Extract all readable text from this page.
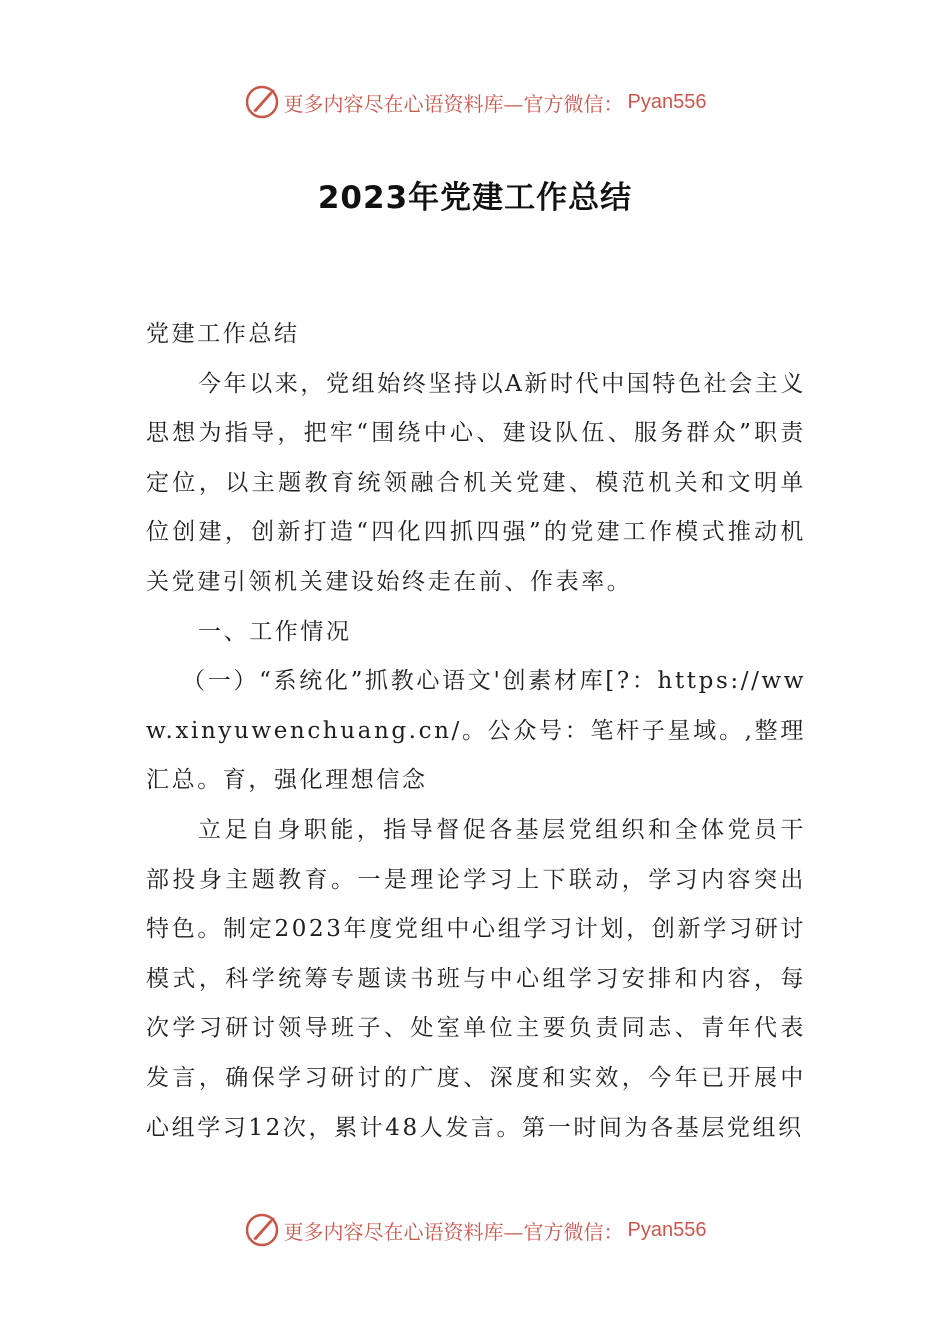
更多内容尽在心语资料库—官方微信： Pyan556
2023年党建工作总结

党建工作总结

今年以来，党组始终坚持以A新时代中国特色社会主义思想为指导，把牢“围绕中心、建设队伍、服务群众”职责定位，以主题教育统领融合机关党建、模范机关和文明单位创建，创新打造“四化四抓四强”的党建工作模式推动机关党建引领机关建设始终走在前、作表率。

一、工作情况

（一）“系统化”抓教心语文'创素材库[?：https://www.xinyuwenchuang.cn/。公众号：笔杆子星域。,整理汇总。育，强化理想信念

立足自身职能，指导督促各基层党组织和全体党员干部投身主题教育。一是理论学习上下联动，学习内容突出特色。制定2023年度党组中心组学习计划，创新学习研讨模式，科学统筹专题读书班与中心组学习安排和内容，每次学习研讨领导班子、处室单位主要负责同志、青年代表发言，确保学习研讨的广度、深度和实效，今年已开展中心组学习12次，累计48人发言。第一时间为各基层党组织

更多内容尽在心语资料库—官方微信： Pyan556
